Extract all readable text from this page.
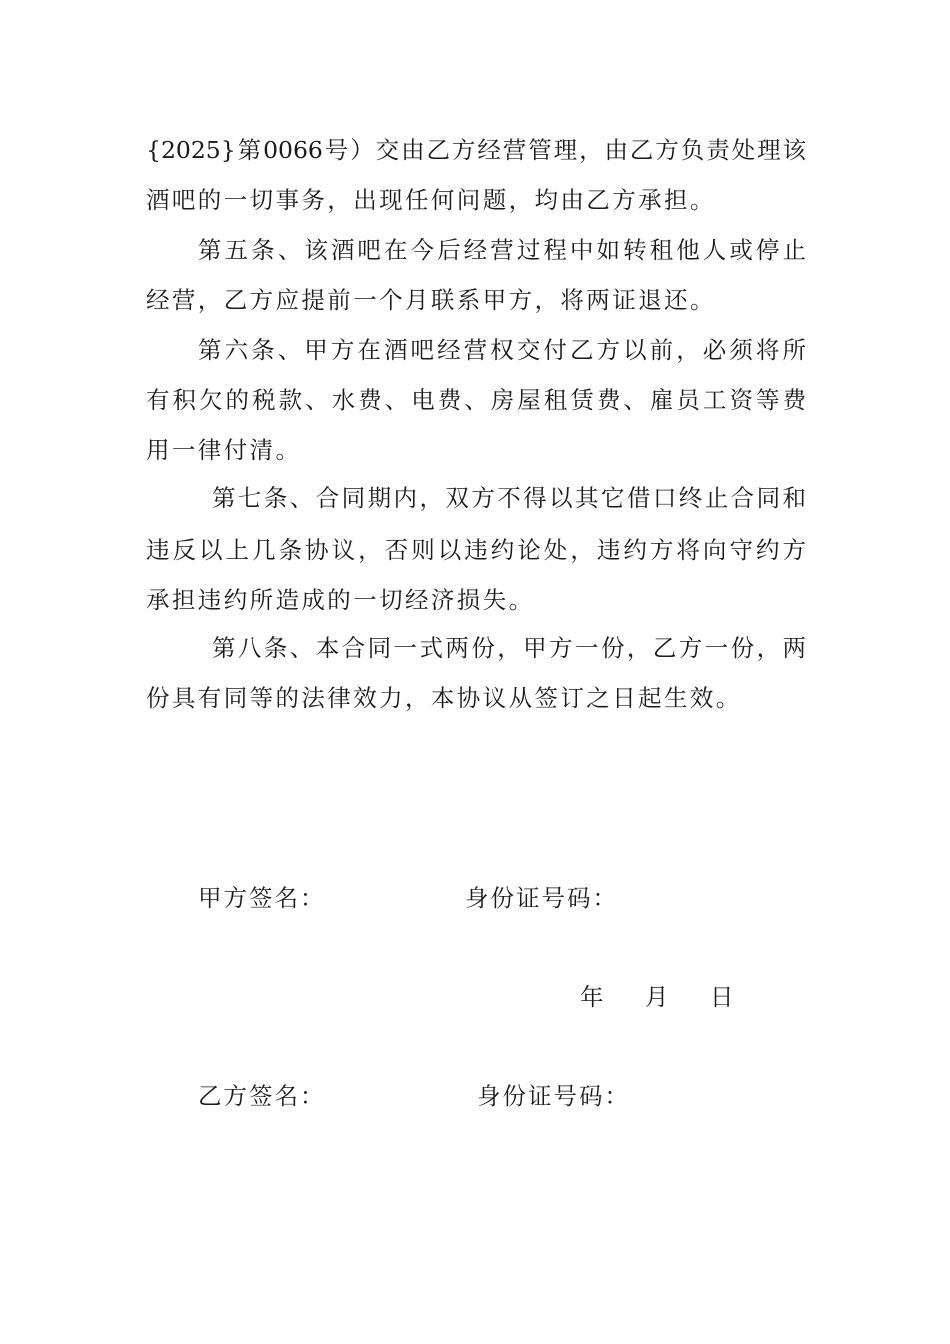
{2025}第0066号）交由乙方经营管理，由乙方负责处理该
酒吧的一切事务，出现任何问题，均由乙方承担。
第五条、该酒吧在今后经营过程中如转租他人或停止
经营，乙方应提前一个月联系甲方，将两证退还。
第六条、甲方在酒吧经营权交付乙方以前，必须将所
有积欠的税款、水费、电费、房屋租赁费、雇员工资等费
用一律付清。
第七条、合同期内，双方不得以其它借口终止合同和
违反以上几条协议，否则以违约论处，违约方将向守约方
承担违约所造成的一切经济损失。
第八条、本合同一式两份，甲方一份，乙方一份，两
份具有同等的法律效力，本协议从签订之日起生效。
甲方签名：	身份证号码：
年 月 日
乙方签名：	身份证号码：
